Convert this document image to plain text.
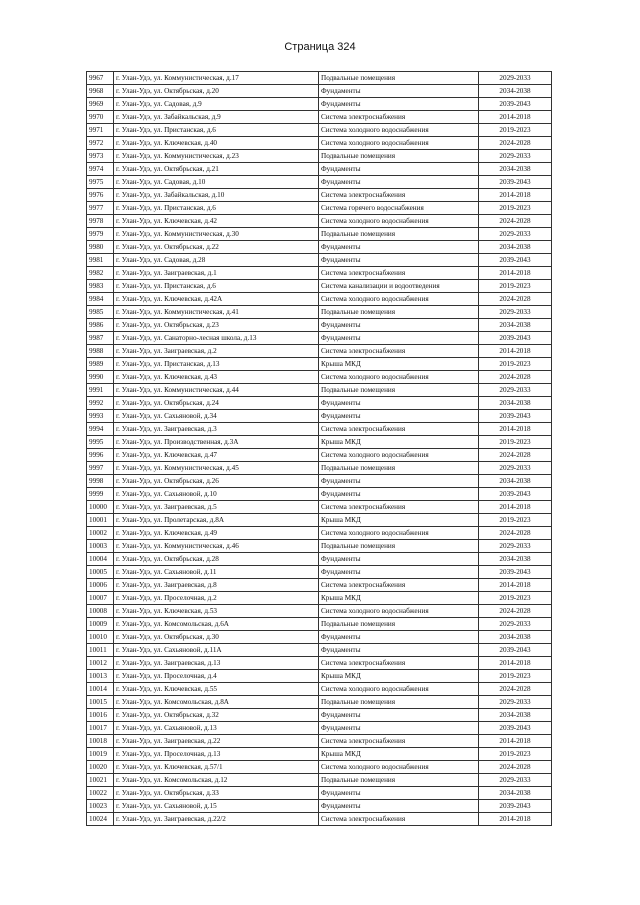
Страница 324
9967	г. Улан-Удэ, ул. Коммунистическая, д.17	Подвальные помещения	2029-2033
9968	г. Улан-Удэ, ул. Октябрьская, д.20	Фундаменты	2034-2038
9969	г. Улан-Удэ, ул. Садовая, д.9	Фундаменты	2039-2043
9970	г. Улан-Удэ, ул. Забайкальская, д.9	Система электроснабжения	2014-2018
9971	г. Улан-Удэ, ул. Пристанская, д.6	Система холодного водоснабжения	2019-2023
9972	г. Улан-Удэ, ул. Ключевская, д.40	Система холодного водоснабжения	2024-2028
9973	г. Улан-Удэ, ул. Коммунистическая, д.23	Подвальные помещения	2029-2033
9974	г. Улан-Удэ, ул. Октябрьская, д.21	Фундаменты	2034-2038
9975	г. Улан-Удэ, ул. Садовая, д.10	Фундаменты	2039-2043
9976	г. Улан-Удэ, ул. Забайкальская, д.10	Система электроснабжения	2014-2018
9977	г. Улан-Удэ, ул. Пристанская, д.6	Система горячего водоснабжения	2019-2023
9978	г. Улан-Удэ, ул. Ключевская, д.42	Система холодного водоснабжения	2024-2028
9979	г. Улан-Удэ, ул. Коммунистическая, д.30	Подвальные помещения	2029-2033
9980	г. Улан-Удэ, ул. Октябрьская, д.22	Фундаменты	2034-2038
9981	г. Улан-Удэ, ул. Садовая, д.28	Фундаменты	2039-2043
9982	г. Улан-Удэ, ул. Заиграевская, д.1	Система электроснабжения	2014-2018
9983	г. Улан-Удэ, ул. Пристанская, д.6	Система канализации и водоотведения	2019-2023
9984	г. Улан-Удэ, ул. Ключевская, д.42А	Система холодного водоснабжения	2024-2028
9985	г. Улан-Удэ, ул. Коммунистическая, д.41	Подвальные помещения	2029-2033
9986	г. Улан-Удэ, ул. Октябрьская, д.23	Фундаменты	2034-2038
9987	г. Улан-Удэ, ул. Санаторно-лесная школа, д.13	Фундаменты	2039-2043
9988	г. Улан-Удэ, ул. Заиграевская, д.2	Система электроснабжения	2014-2018
9989	г. Улан-Удэ, ул. Пристанская, д.13	Крыша МКД	2019-2023
9990	г. Улан-Удэ, ул. Ключевская, д.43	Система холодного водоснабжения	2024-2028
9991	г. Улан-Удэ, ул. Коммунистическая, д.44	Подвальные помещения	2029-2033
9992	г. Улан-Удэ, ул. Октябрьская, д.24	Фундаменты	2034-2038
9993	г. Улан-Удэ, ул. Сахьяновой, д.34	Фундаменты	2039-2043
9994	г. Улан-Удэ, ул. Заиграевская, д.3	Система электроснабжения	2014-2018
9995	г. Улан-Удэ, ул. Производственная, д.3А	Крыша МКД	2019-2023
9996	г. Улан-Удэ, ул. Ключевская, д.47	Система холодного водоснабжения	2024-2028
9997	г. Улан-Удэ, ул. Коммунистическая, д.45	Подвальные помещения	2029-2033
9998	г. Улан-Удэ, ул. Октябрьская, д.26	Фундаменты	2034-2038
9999	г. Улан-Удэ, ул. Сахьяновой, д.10	Фундаменты	2039-2043
10000	г. Улан-Удэ, ул. Заиграевская, д.5	Система электроснабжения	2014-2018
10001	г. Улан-Удэ, ул. Пролетарская, д.8А	Крыша МКД	2019-2023
10002	г. Улан-Удэ, ул. Ключевская, д.49	Система холодного водоснабжения	2024-2028
10003	г. Улан-Удэ, ул. Коммунистическая, д.46	Подвальные помещения	2029-2033
10004	г. Улан-Удэ, ул. Октябрьская, д.28	Фундаменты	2034-2038
10005	г. Улан-Удэ, ул. Сахьяновой, д.11	Фундаменты	2039-2043
10006	г. Улан-Удэ, ул. Заиграевская, д.8	Система электроснабжения	2014-2018
10007	г. Улан-Удэ, ул. Проселочная, д.2	Крыша МКД	2019-2023
10008	г. Улан-Удэ, ул. Ключевская, д.53	Система холодного водоснабжения	2024-2028
10009	г. Улан-Удэ, ул. Комсомольская, д.6А	Подвальные помещения	2029-2033
10010	г. Улан-Удэ, ул. Октябрьская, д.30	Фундаменты	2034-2038
10011	г. Улан-Удэ, ул. Сахьяновой, д.11А	Фундаменты	2039-2043
10012	г. Улан-Удэ, ул. Заиграевская, д.13	Система электроснабжения	2014-2018
10013	г. Улан-Удэ, ул. Проселочная, д.4	Крыша МКД	2019-2023
10014	г. Улан-Удэ, ул. Ключевская, д.55	Система холодного водоснабжения	2024-2028
10015	г. Улан-Удэ, ул. Комсомольская, д.8А	Подвальные помещения	2029-2033
10016	г. Улан-Удэ, ул. Октябрьская, д.32	Фундаменты	2034-2038
10017	г. Улан-Удэ, ул. Сахьяновой, д.13	Фундаменты	2039-2043
10018	г. Улан-Удэ, ул. Заиграевская, д.22	Система электроснабжения	2014-2018
10019	г. Улан-Удэ, ул. Проселочная, д.13	Крыша МКД	2019-2023
10020	г. Улан-Удэ, ул. Ключевская, д.57/1	Система холодного водоснабжения	2024-2028
10021	г. Улан-Удэ, ул. Комсомольская, д.12	Подвальные помещения	2029-2033
10022	г. Улан-Удэ, ул. Октябрьская, д.33	Фундаменты	2034-2038
10023	г. Улан-Удэ, ул. Сахьяновой, д.15	Фундаменты	2039-2043
10024	г. Улан-Удэ, ул. Заиграевская, д.22/2	Система электроснабжения	2014-2018
